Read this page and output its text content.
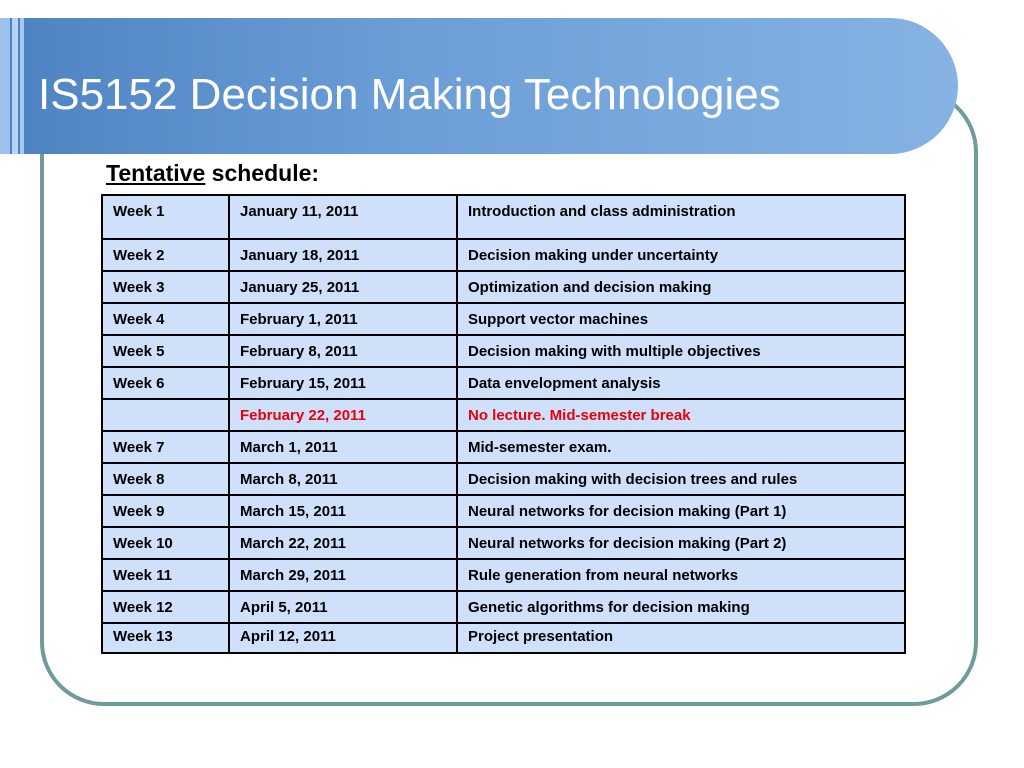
IS5152 Decision Making Technologies
Tentative schedule:
Week 1	January 11, 2011	Introduction and class administration
Week 2	January 18, 2011	Decision making under uncertainty
Week 3	January 25, 2011	Optimization and decision making
Week 4	February 1, 2011	Support vector machines
Week 5	February 8, 2011	Decision making with multiple objectives
Week 6	February 15, 2011	Data envelopment analysis
	February 22, 2011	No lecture. Mid-semester break
Week 7	March 1, 2011	Mid-semester exam.
Week 8	March 8, 2011	Decision making with decision trees and rules
Week 9	March 15, 2011	Neural networks for decision making (Part 1)
Week 10	March 22, 2011	Neural networks for decision making (Part 2)
Week 11	March 29, 2011	Rule generation from neural networks
Week 12	April 5, 2011	Genetic algorithms for decision making
Week 13	April 12, 2011	Project presentation
